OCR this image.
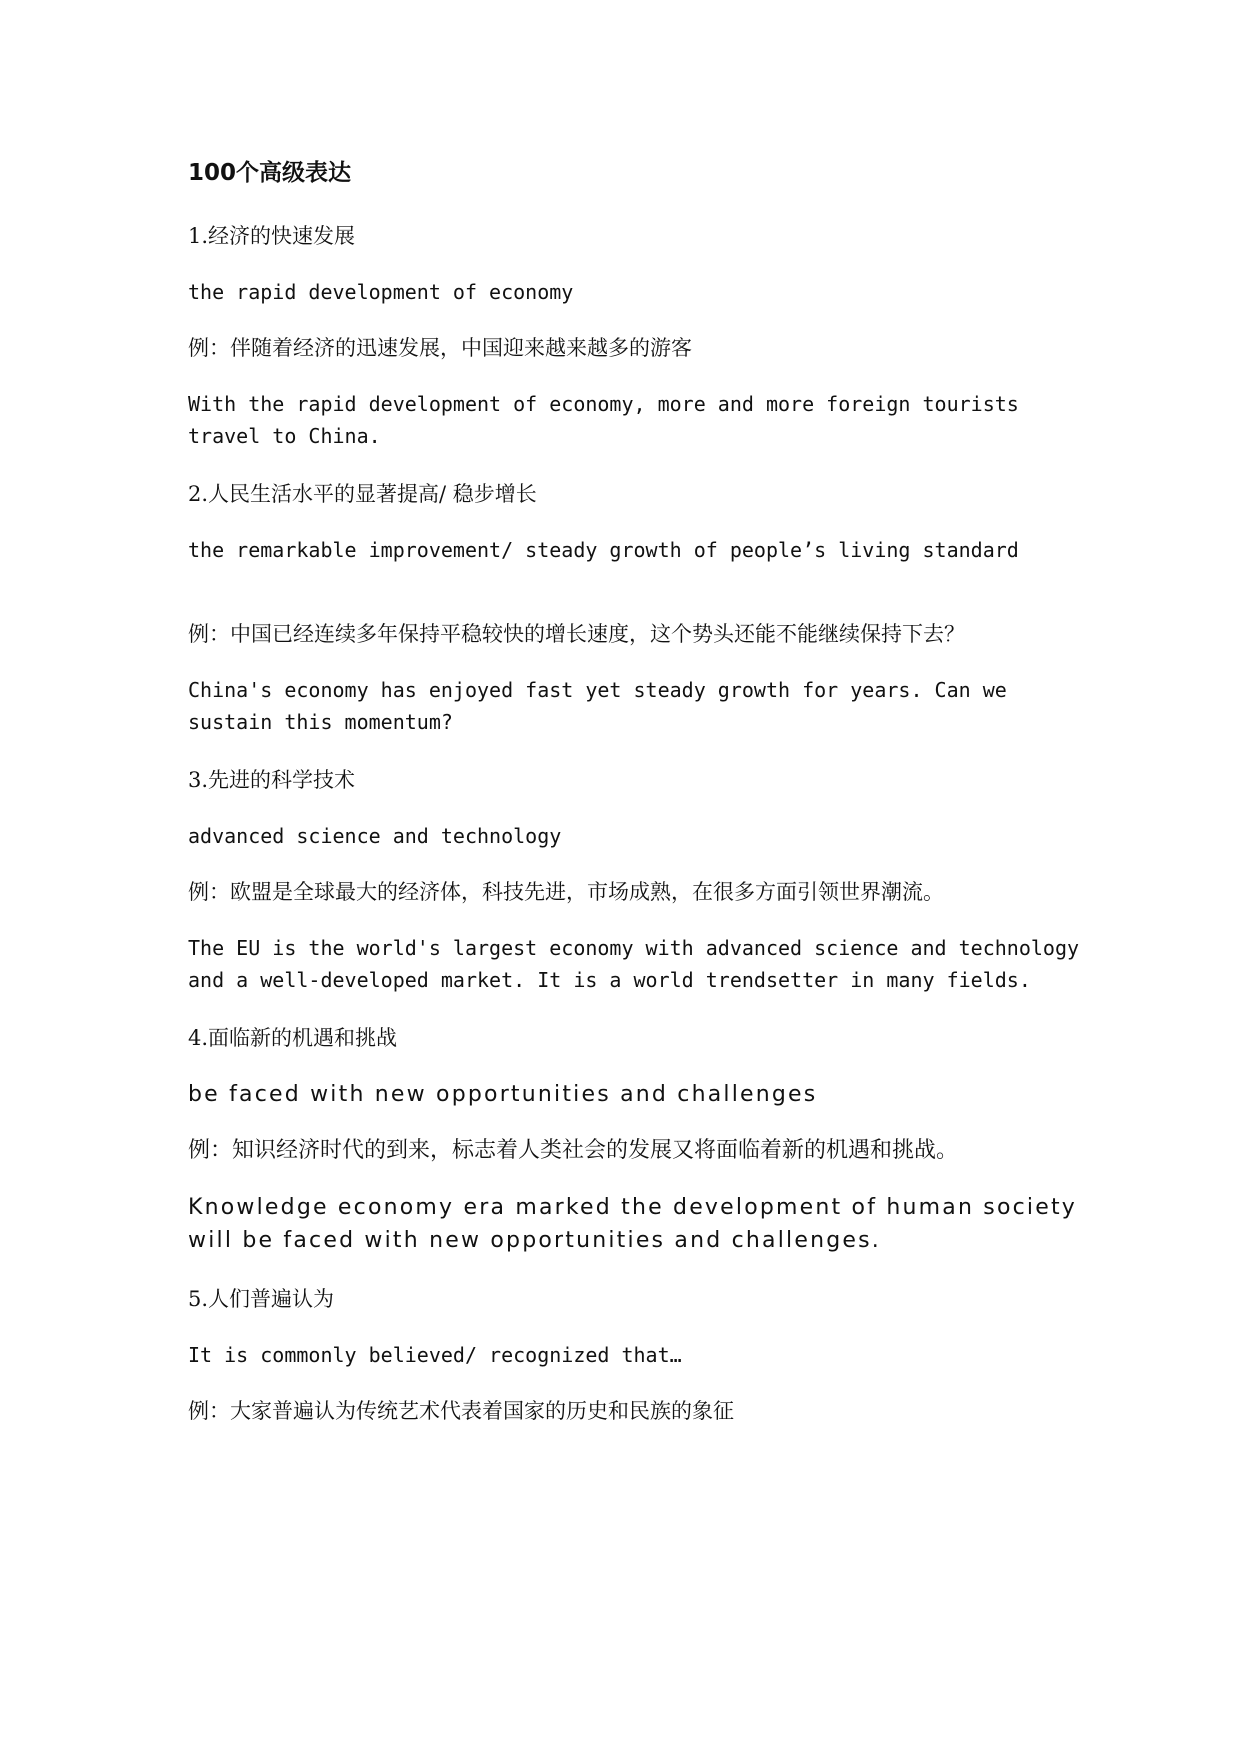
100个高级表达

1.经济的快速发展

the rapid development of economy

例：伴随着经济的迅速发展，中国迎来越来越多的游客

With the rapid development of economy, more and more foreign tourists travel to China.

2.人民生活水平的显著提高/ 稳步增长

the remarkable improvement/ steady growth of people’s living standard

例：中国已经连续多年保持平稳较快的增长速度，这个势头还能不能继续保持下去？

China's economy has enjoyed fast yet steady growth for years. Can we sustain this momentum?

3.先进的科学技术

advanced science and technology

例：欧盟是全球最大的经济体，科技先进，市场成熟，在很多方面引领世界潮流。

The EU is the world's largest economy with advanced science and technology and a well-developed market. It is a world trendsetter in many fields.

4.面临新的机遇和挑战

be faced with new opportunities and challenges

例：知识经济时代的到来，标志着人类社会的发展又将面临着新的机遇和挑战。

Knowledge economy era marked the development of human society will be faced with new opportunities and challenges.

5.人们普遍认为

It is commonly believed/ recognized that…

例：大家普遍认为传统艺术代表着国家的历史和民族的象征
